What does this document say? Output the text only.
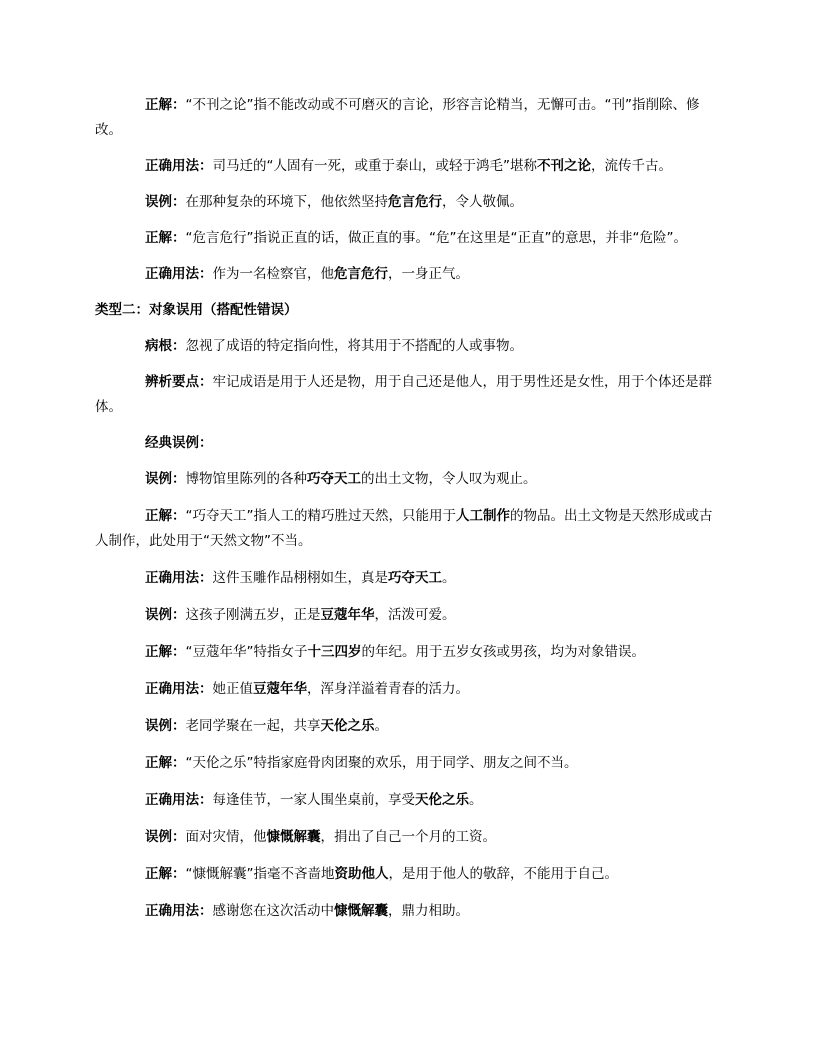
正解：“不刊之论”指不能改动或不可磨灭的言论，形容言论精当，无懈可击。“刊”指削除、修改。

正确用法：司马迁的“人固有一死，或重于泰山，或轻于鸿毛”堪称不刊之论，流传千古。

误例：在那种复杂的环境下，他依然坚持危言危行，令人敬佩。

正解：“危言危行”指说正直的话，做正直的事。“危”在这里是“正直”的意思，并非“危险”。

正确用法：作为一名检察官，他危言危行，一身正气。

类型二：对象误用（搭配性错误）

病根：忽视了成语的特定指向性，将其用于不搭配的人或事物。

辨析要点：牢记成语是用于人还是物，用于自己还是他人，用于男性还是女性，用于个体还是群体。

经典误例：

误例：博物馆里陈列的各种巧夺天工的出土文物，令人叹为观止。

正解：“巧夺天工”指人工的精巧胜过天然，只能用于人工制作的物品。出土文物是天然形成或古人制作，此处用于“天然文物”不当。

正确用法：这件玉雕作品栩栩如生，真是巧夺天工。

误例：这孩子刚满五岁，正是豆蔻年华，活泼可爱。

正解：“豆蔻年华”特指女子十三四岁的年纪。用于五岁女孩或男孩，均为对象错误。

正确用法：她正值豆蔻年华，浑身洋溢着青春的活力。

误例：老同学聚在一起，共享天伦之乐。

正解：“天伦之乐”特指家庭骨肉团聚的欢乐，用于同学、朋友之间不当。

正确用法：每逢佳节，一家人围坐桌前，享受天伦之乐。

误例：面对灾情，他慷慨解囊，捐出了自己一个月的工资。

正解：“慷慨解囊”指毫不吝啬地资助他人，是用于他人的敬辞，不能用于自己。

正确用法：感谢您在这次活动中慷慨解囊，鼎力相助。
